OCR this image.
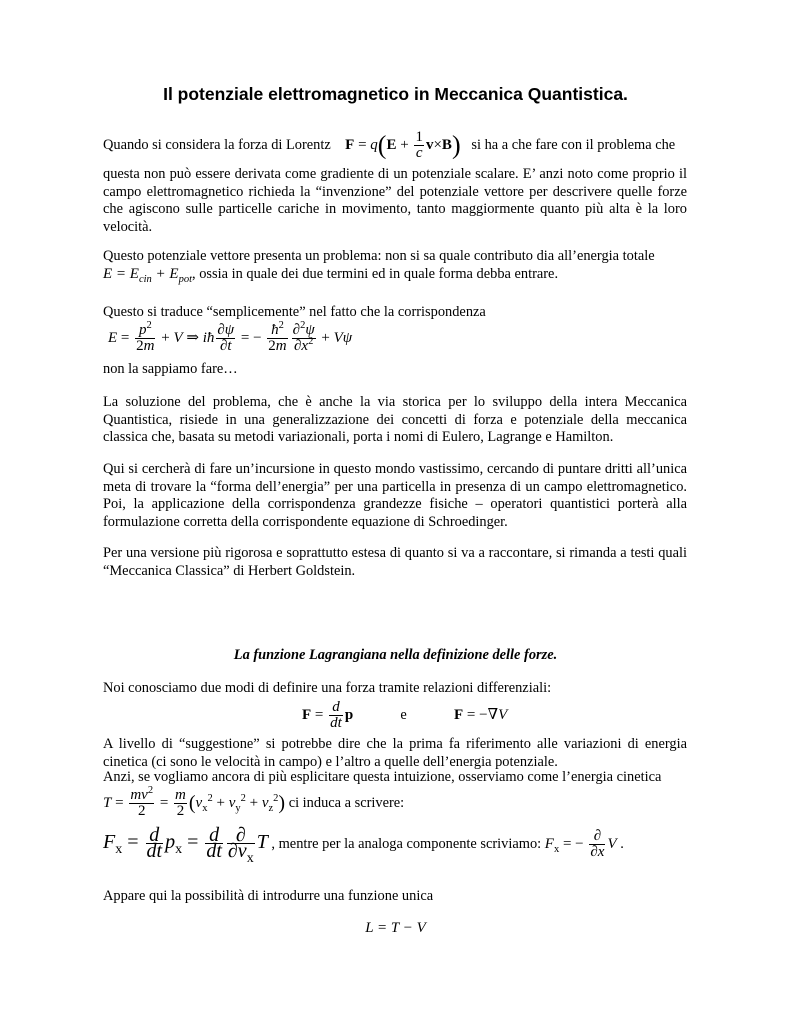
Il potenziale elettromagnetico in Meccanica Quantistica.
Quando si considera la forza di Lorentz $F = q(E + \frac{1}{c} v\times B)$ si ha a che fare con il problema che
questa non può essere derivata come gradiente di un potenziale scalare. E’ anzi noto come proprio il campo elettromagnetico richieda la “invenzione” del potenziale vettore per descrivere quelle forze che agiscono sulle particelle cariche in movimento, tanto maggiormente quanto più alta è la loro velocità.
Questo potenziale vettore presenta un problema: non si sa quale contributo dia all’energia totale
$E = E_{cin} + E_{pot}$, ossia in quale dei due termini ed in quale forma debba entrare.
Questo si traduce “semplicemente” nel fatto che la corrispondenza
$E = \frac{p^2}{2m} + V$ ⇒ iħ $\frac{\partial\psi}{\partial t}$ = − $\frac{ħ^2}{2m} \frac{\partial^2\psi}{\partial x^2} + V\psi$
non la sappiamo fare…
La soluzione del problema, che è anche la via storica per lo sviluppo della intera Meccanica Quantistica, risiede in una generalizzazione dei concetti di forza e potenziale della meccanica classica che, basata su metodi variazionali, porta i nomi di Eulero, Lagrange e Hamilton.
Qui si cercherà di fare un’incursione in questo mondo vastissimo, cercando di puntare dritti all’unica meta di trovare la “forma dell’energia” per una particella in presenza di un campo elettromagnetico. Poi, la applicazione della corrispondenza grandezze fisiche – operatori quantistici porterà alla formulazione corretta della corrispondente equazione di Schroedinger.
Per una versione più rigorosa e soprattutto estesa di quanto si va a raccontare, si rimanda a testi quali “Meccanica Classica” di Herbert Goldstein.
La funzione Lagrangiana nella definizione delle forze.
Noi conosciamo due modi di definire una forza tramite relazioni differenziali:
$F = \frac{d}{dt}$ p	e	F = −∇V
A livello di “suggestione” si potrebbe dire che la prima fa riferimento alle variazioni di energia cinetica (ci sono le velocità in campo) e l’altro a quelle dell’energia potenziale.
Anzi, se vogliamo ancora di più esplicitare questa intuizione, osserviamo come l’energia cinetica
$T = \frac{mv^2}{2} = \frac{m}{2} (v_x^2 + v_y^2 + v_z^2)$ ci induca a scrivere:
$F_x = \frac{d}{dt} p_x = \frac{d}{dt} \frac{\partial}{\partial v_x}$ T , mentre per la analoga componente scriviamo: $F_x$ = − $\frac{\partial}{\partial x}$ V .
Appare qui la possibilità di introdurre una funzione unica
L = T − V
